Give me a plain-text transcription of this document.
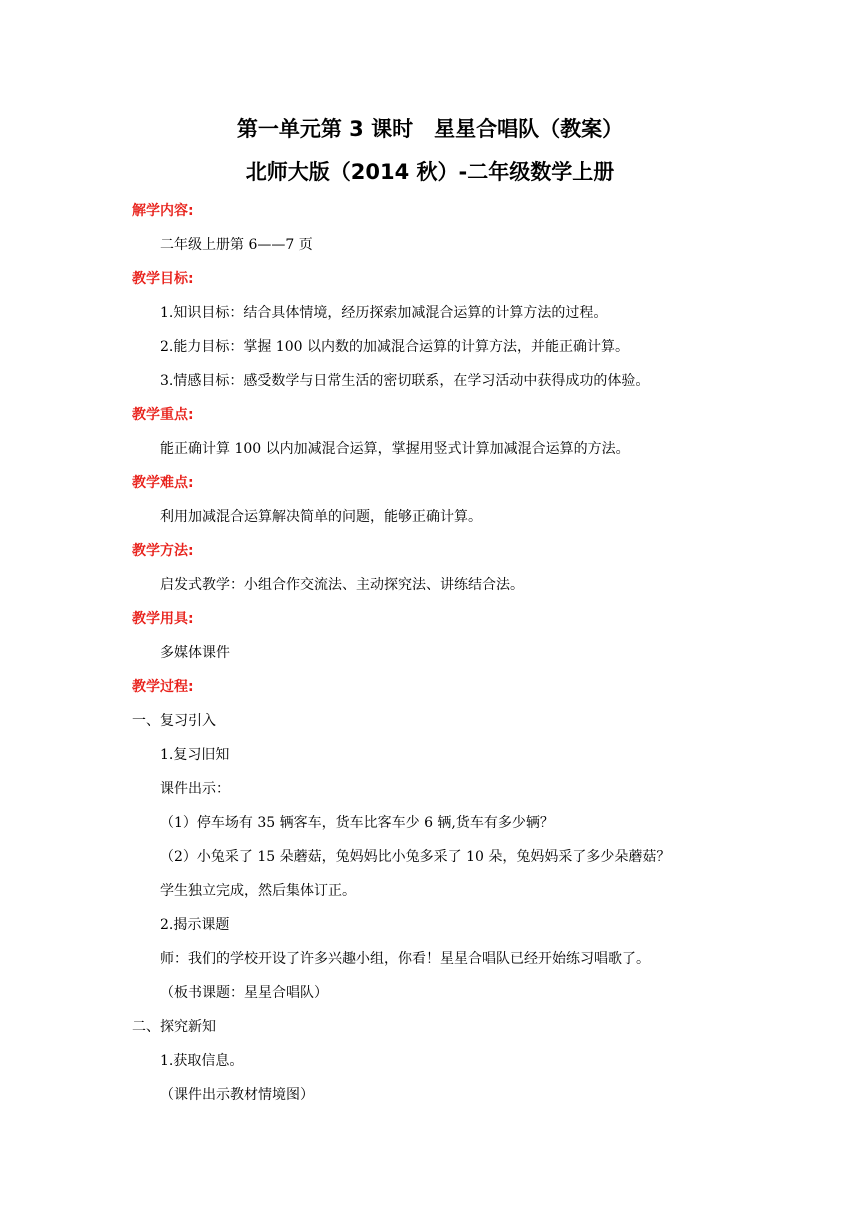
第一单元第 3 课时　星星合唱队（教案）
北师大版（2014 秋）-二年级数学上册
解学内容:
二年级上册第 6——7 页
教学目标:
1.知识目标：结合具体情境，经历探索加减混合运算的计算方法的过程。
2.能力目标：掌握 100 以内数的加减混合运算的计算方法，并能正确计算。
3.情感目标：感受数学与日常生活的密切联系，在学习活动中获得成功的体验。
教学重点:
能正确计算 100 以内加减混合运算，掌握用竖式计算加减混合运算的方法。
教学难点:
利用加减混合运算解决简单的问题，能够正确计算。
教学方法:
启发式教学：小组合作交流法、主动探究法、讲练结合法。
教学用具:
多媒体课件
教学过程:
一、复习引入
1.复习旧知
课件出示：
（1）停车场有 35 辆客车，货车比客车少 6 辆,货车有多少辆？
（2）小兔采了 15 朵蘑菇，兔妈妈比小兔多采了 10 朵，兔妈妈采了多少朵蘑菇？
学生独立完成，然后集体订正。
2.揭示课题
师：我们的学校开设了许多兴趣小组，你看！星星合唱队已经开始练习唱歌了。
（板书课题：星星合唱队）
二、探究新知
1.获取信息。
（课件出示教材情境图）
